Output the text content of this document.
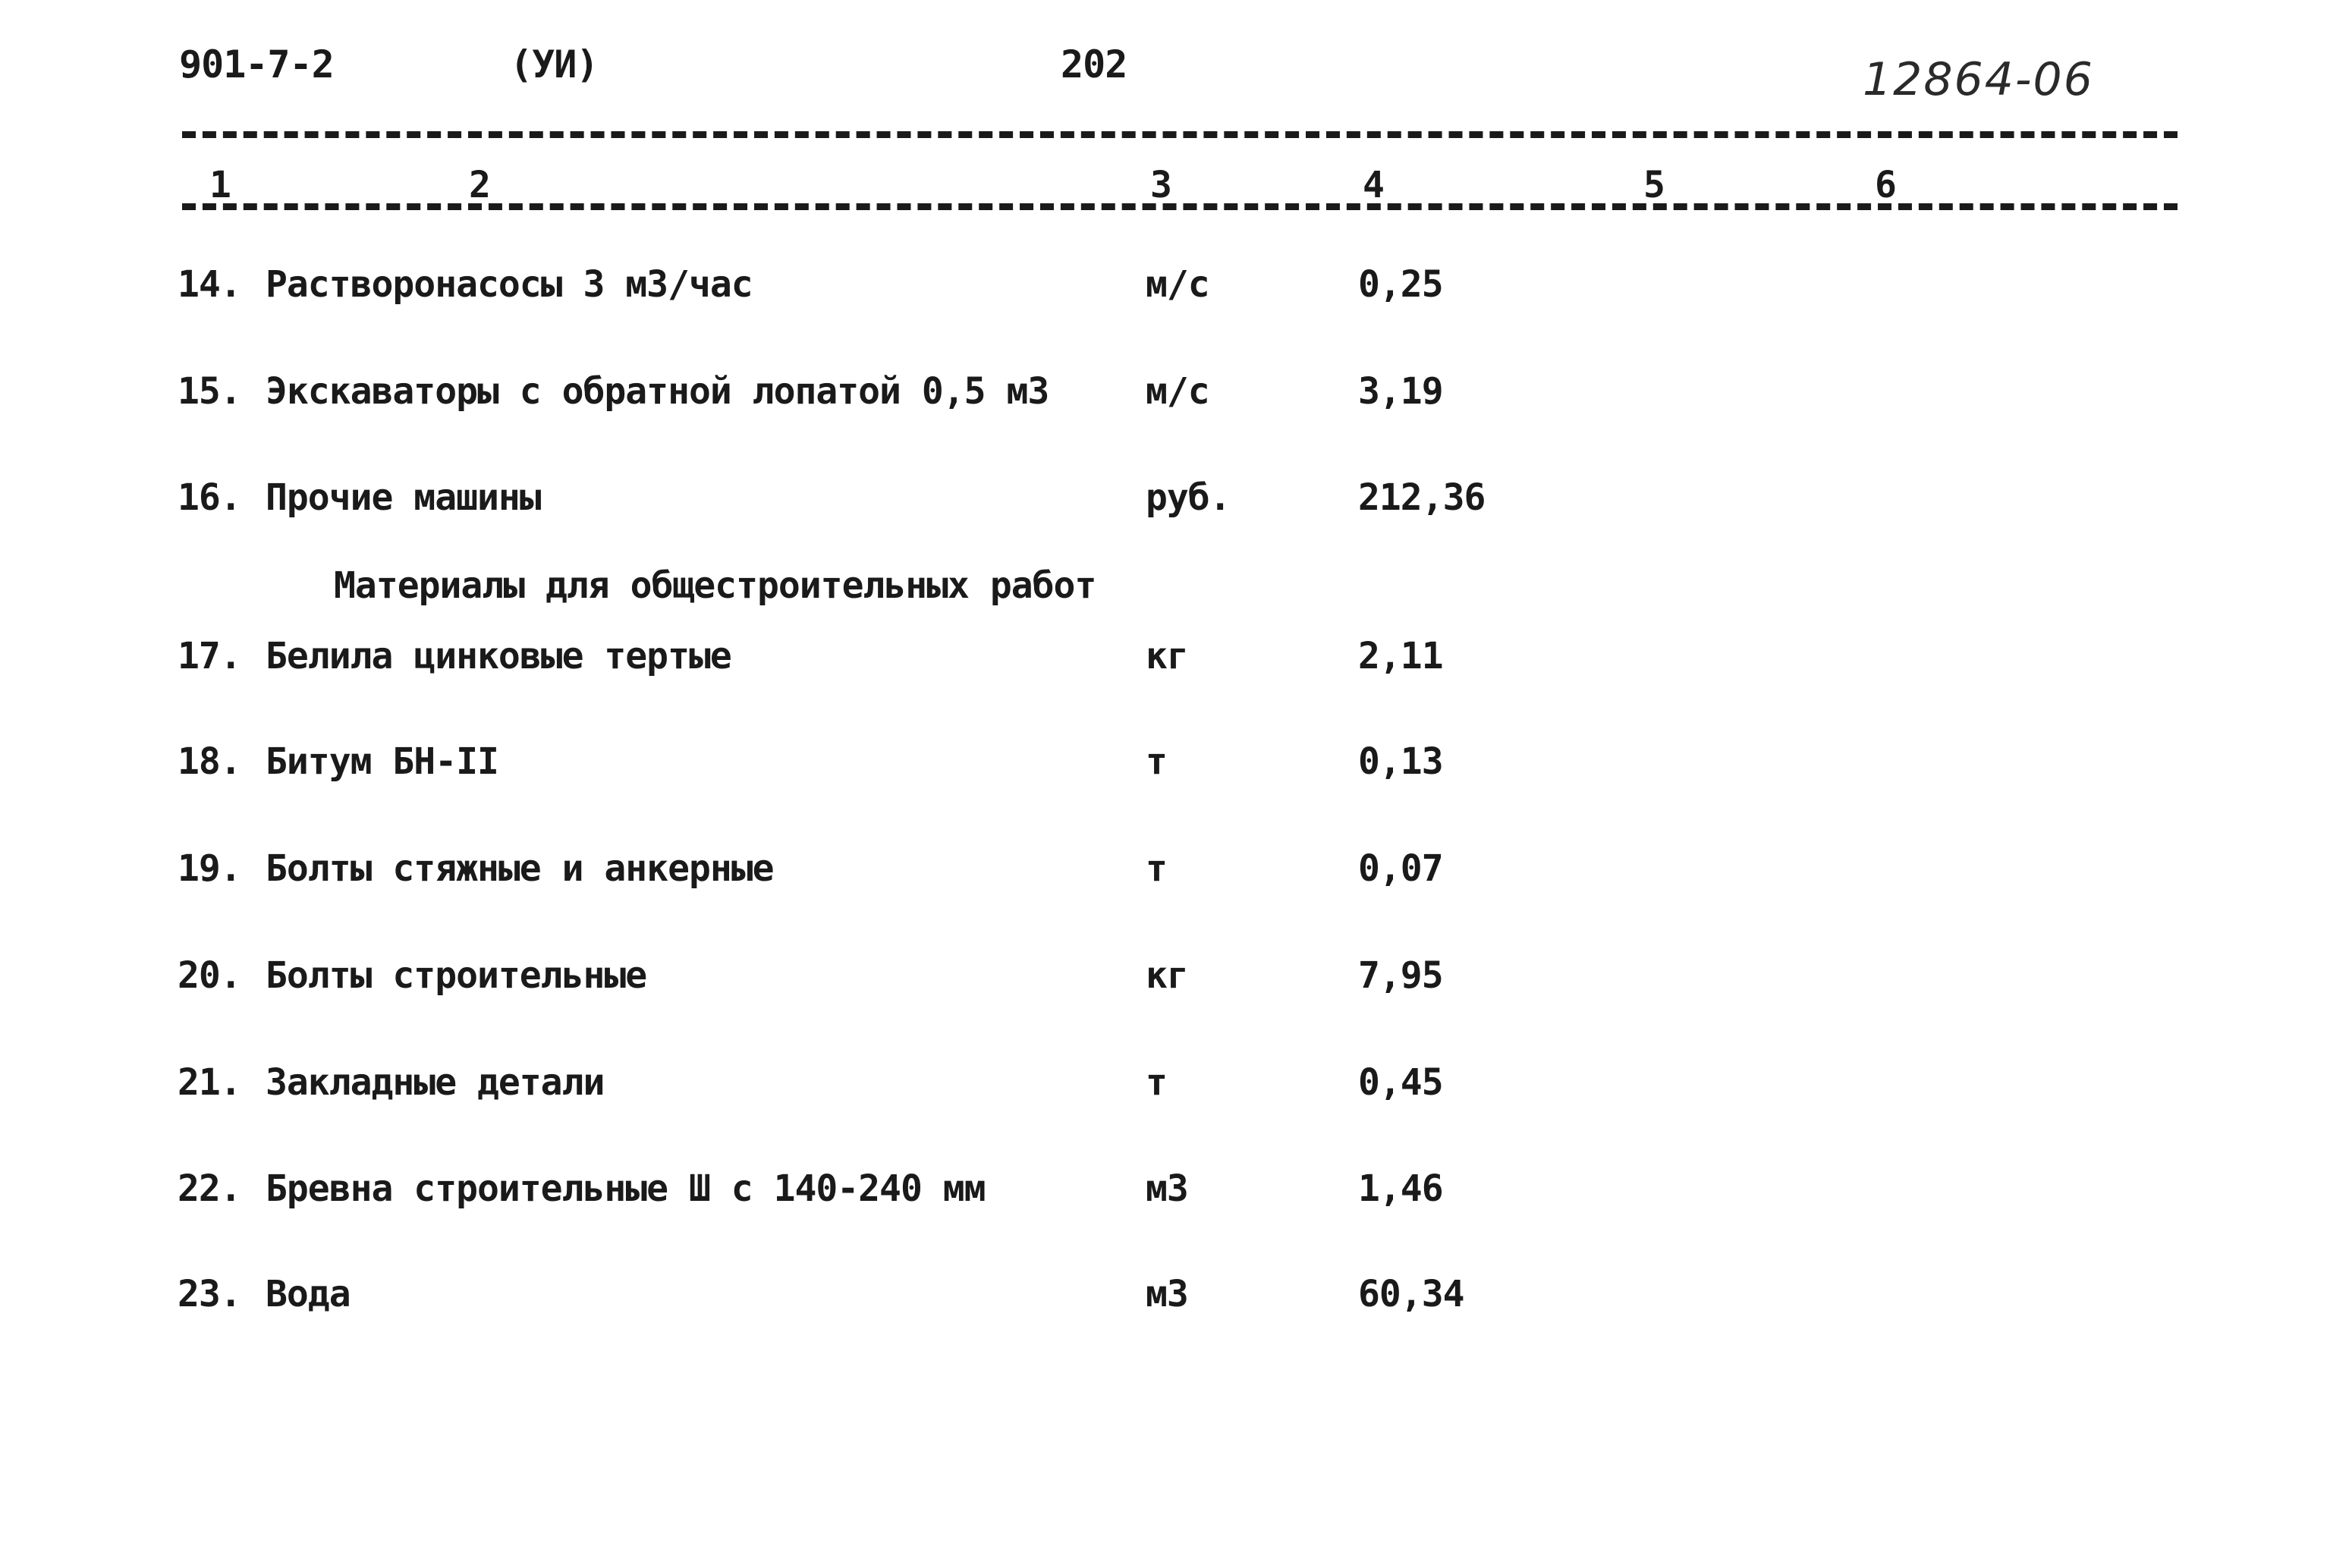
901-7-2	(УИ)	202	12864-06
1	2	3	4	5	6
14. Растворонасосы 3 м3/час	м/с	0,25
15. Экскаваторы с обратной лопатой 0,5 м3	м/с	3,19
16. Прочие машины	руб.	212,36
Материалы для общестроительных работ
17. Белила цинковые тертые	кг	2,11
18. Битум БН-II	т	0,13
19. Болты стяжные и анкерные	т	0,07
20. Болты строительные	кг	7,95
21. Закладные детали	т	0,45
22. Бревна строительные Ш с 140-240 мм	м3	1,46
23. Вода	м3	60,34
